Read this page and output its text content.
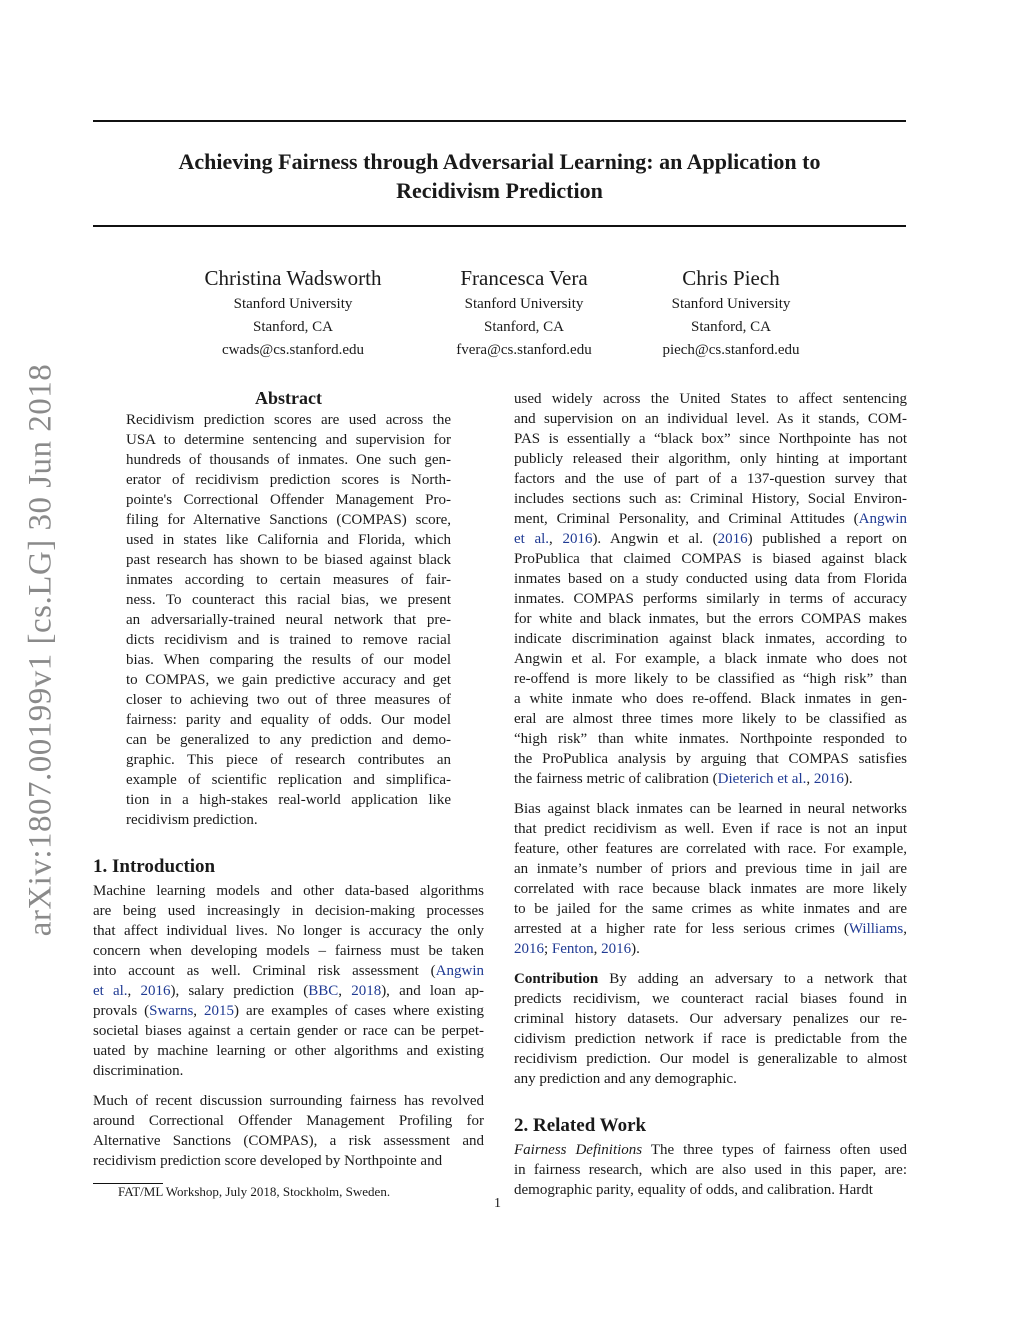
arXiv:1807.00199v1 [cs.LG] 30 Jun 2018
Achieving Fairness through Adversarial Learning: an Application to
Recidivism Prediction
Christina Wadsworth
Stanford University
Stanford, CA
cwads@cs.stanford.edu
Francesca Vera
Stanford University
Stanford, CA
fvera@cs.stanford.edu
Chris Piech
Stanford University
Stanford, CA
piech@cs.stanford.edu
Abstract
Recidivism prediction scores are used across the
USA to determine sentencing and supervision for
hundreds of thousands of inmates. One such gen-
erator of recidivism prediction scores is North-
pointe's Correctional Offender Management Pro-
filing for Alternative Sanctions (COMPAS) score,
used in states like California and Florida, which
past research has shown to be biased against black
inmates according to certain measures of fair-
ness. To counteract this racial bias, we present
an adversarially-trained neural network that pre-
dicts recidivism and is trained to remove racial
bias. When comparing the results of our model
to COMPAS, we gain predictive accuracy and get
closer to achieving two out of three measures of
fairness: parity and equality of odds. Our model
can be generalized to any prediction and demo-
graphic. This piece of research contributes an
example of scientific replication and simplifica-
tion in a high-stakes real-world application like
recidivism prediction.
1. Introduction
Machine learning models and other data-based algorithms
are being used increasingly in decision-making processes
that affect individual lives. No longer is accuracy the only
concern when developing models – fairness must be taken
into account as well. Criminal risk assessment (Angwin
et al., 2016), salary prediction (BBC, 2018), and loan ap-
provals (Swarns, 2015) are examples of cases where existing
societal biases against a certain gender or race can be perpet-
uated by machine learning or other algorithms and existing
discrimination.
Much of recent discussion surrounding fairness has revolved
around Correctional Offender Management Profiling for
Alternative Sanctions (COMPAS), a risk assessment and
recidivism prediction score developed by Northpointe and
used widely across the United States to affect sentencing
and supervision on an individual level. As it stands, COM-
PAS is essentially a “black box” since Northpointe has not
publicly released their algorithm, only hinting at important
factors and the use of part of a 137-question survey that
includes sections such as: Criminal History, Social Environ-
ment, Criminal Personality, and Criminal Attitudes (Angwin
et al., 2016). Angwin et al. (2016) published a report on
ProPublica that claimed COMPAS is biased against black
inmates based on a study conducted using data from Florida
inmates. COMPAS performs similarly in terms of accuracy
for white and black inmates, but the errors COMPAS makes
indicate discrimination against black inmates, according to
Angwin et al. For example, a black inmate who does not
re-offend is more likely to be classified as “high risk” than
a white inmate who does re-offend. Black inmates in gen-
eral are almost three times more likely to be classified as
“high risk” than white inmates. Northpointe responded to
the ProPublica analysis by arguing that COMPAS satisfies
the fairness metric of calibration (Dieterich et al., 2016).
Bias against black inmates can be learned in neural networks
that predict recidivism as well. Even if race is not an input
feature, other features are correlated with race. For example,
an inmate’s number of priors and previous time in jail are
correlated with race because black inmates are more likely
to be jailed for the same crimes as white inmates and are
arrested at a higher rate for less serious crimes (Williams,
2016; Fenton, 2016).
Contribution By adding an adversary to a network that
predicts recidivism, we counteract racial biases found in
criminal history datasets. Our adversary penalizes our re-
cidivism prediction network if race is predictable from the
recidivism prediction. Our model is generalizable to almost
any prediction and any demographic.
2. Related Work
Fairness Definitions The three types of fairness often used
in fairness research, which are also used in this paper, are:
demographic parity, equality of odds, and calibration. Hardt
FAT/ML Workshop, July 2018, Stockholm, Sweden.
1
